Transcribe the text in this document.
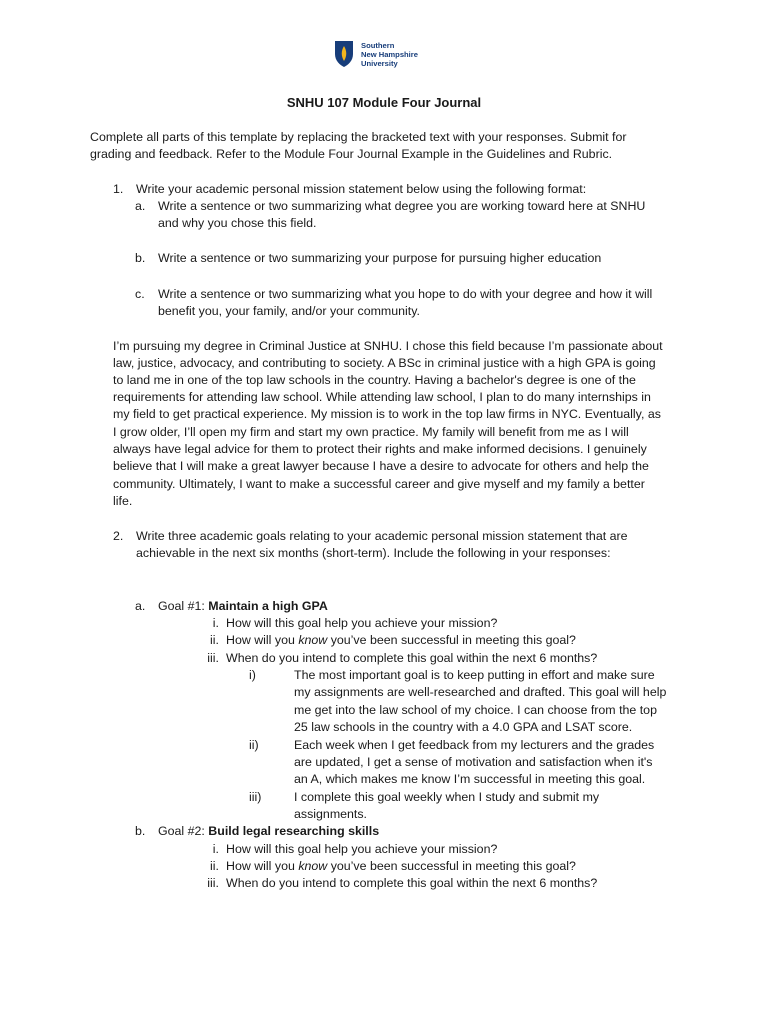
Southern
New Hampshire
University
SNHU 107 Module Four Journal
Complete all parts of this template by replacing the bracketed text with your responses. Submit for
grading and feedback. Refer to the Module Four Journal Example in the Guidelines and Rubric.
1. Write your academic personal mission statement below using the following format:
a. Write a sentence or two summarizing what degree you are working toward here at SNHU
and why you chose this field.
b. Write a sentence or two summarizing your purpose for pursuing higher education
c. Write a sentence or two summarizing what you hope to do with your degree and how it will
benefit you, your family, and/or your community.
I’m pursuing my degree in Criminal Justice at SNHU. I chose this field because I’m passionate about
law, justice, advocacy, and contributing to society. A BSc in criminal justice with a high GPA is going
to land me in one of the top law schools in the country. Having a bachelor's degree is one of the
requirements for attending law school. While attending law school, I plan to do many internships in
my field to get practical experience. My mission is to work in the top law firms in NYC. Eventually, as
I grow older, I’ll open my firm and start my own practice. My family will benefit from me as I will
always have legal advice for them to protect their rights and make informed decisions. I genuinely
believe that I will make a great lawyer because I have a desire to advocate for others and help the
community. Ultimately, I want to make a successful career and give myself and my family a better
life.
2. Write three academic goals relating to your academic personal mission statement that are
achievable in the next six months (short-term). Include the following in your responses:
a. Goal #1: Maintain a high GPA
i. How will this goal help you achieve your mission?
ii. How will you know you’ve been successful in meeting this goal?
iii. When do you intend to complete this goal within the next 6 months?
i)	The most important goal is to keep putting in effort and make sure
my assignments are well-researched and drafted. This goal will help
me get into the law school of my choice. I can choose from the top
25 law schools in the country with a 4.0 GPA and LSAT score.
ii)	Each week when I get feedback from my lecturers and the grades
are updated, I get a sense of motivation and satisfaction when it's
an A, which makes me know I’m successful in meeting this goal.
iii)	I complete this goal weekly when I study and submit my
assignments.
b. Goal #2: Build legal researching skills
i. How will this goal help you achieve your mission?
ii. How will you know you’ve been successful in meeting this goal?
iii. When do you intend to complete this goal within the next 6 months?
